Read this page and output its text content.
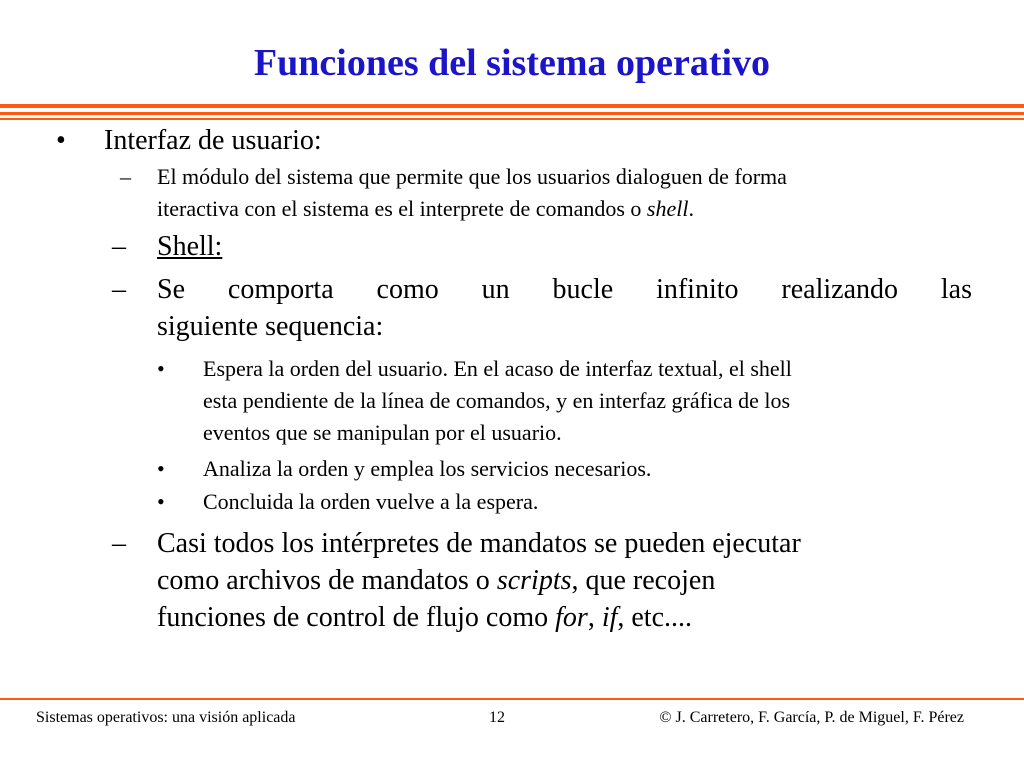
Funciones del sistema operativo
• Interfaz de usuario:
– El módulo del sistema que permite que los usuarios dialoguen de forma
iteractiva con el sistema es el interprete de comandos o shell.
– Shell:
– Se comporta como un bucle infinito realizando las
siguiente sequencia:
• Espera la orden del usuario. En el acaso de interfaz textual, el shell
esta pendiente de la línea de comandos, y en interfaz gráfica de los
eventos que se manipulan por el usuario.
• Analiza la orden y emplea los servicios necesarios.
• Concluida la orden vuelve a la espera.
– Casi todos los intérpretes de mandatos se pueden ejecutar
como archivos de mandatos o scripts, que recojen
funciones de control de flujo como for, if, etc....
Sistemas operativos: una visión aplicada	12	© J. Carretero, F. García, P. de Miguel, F. Pérez
